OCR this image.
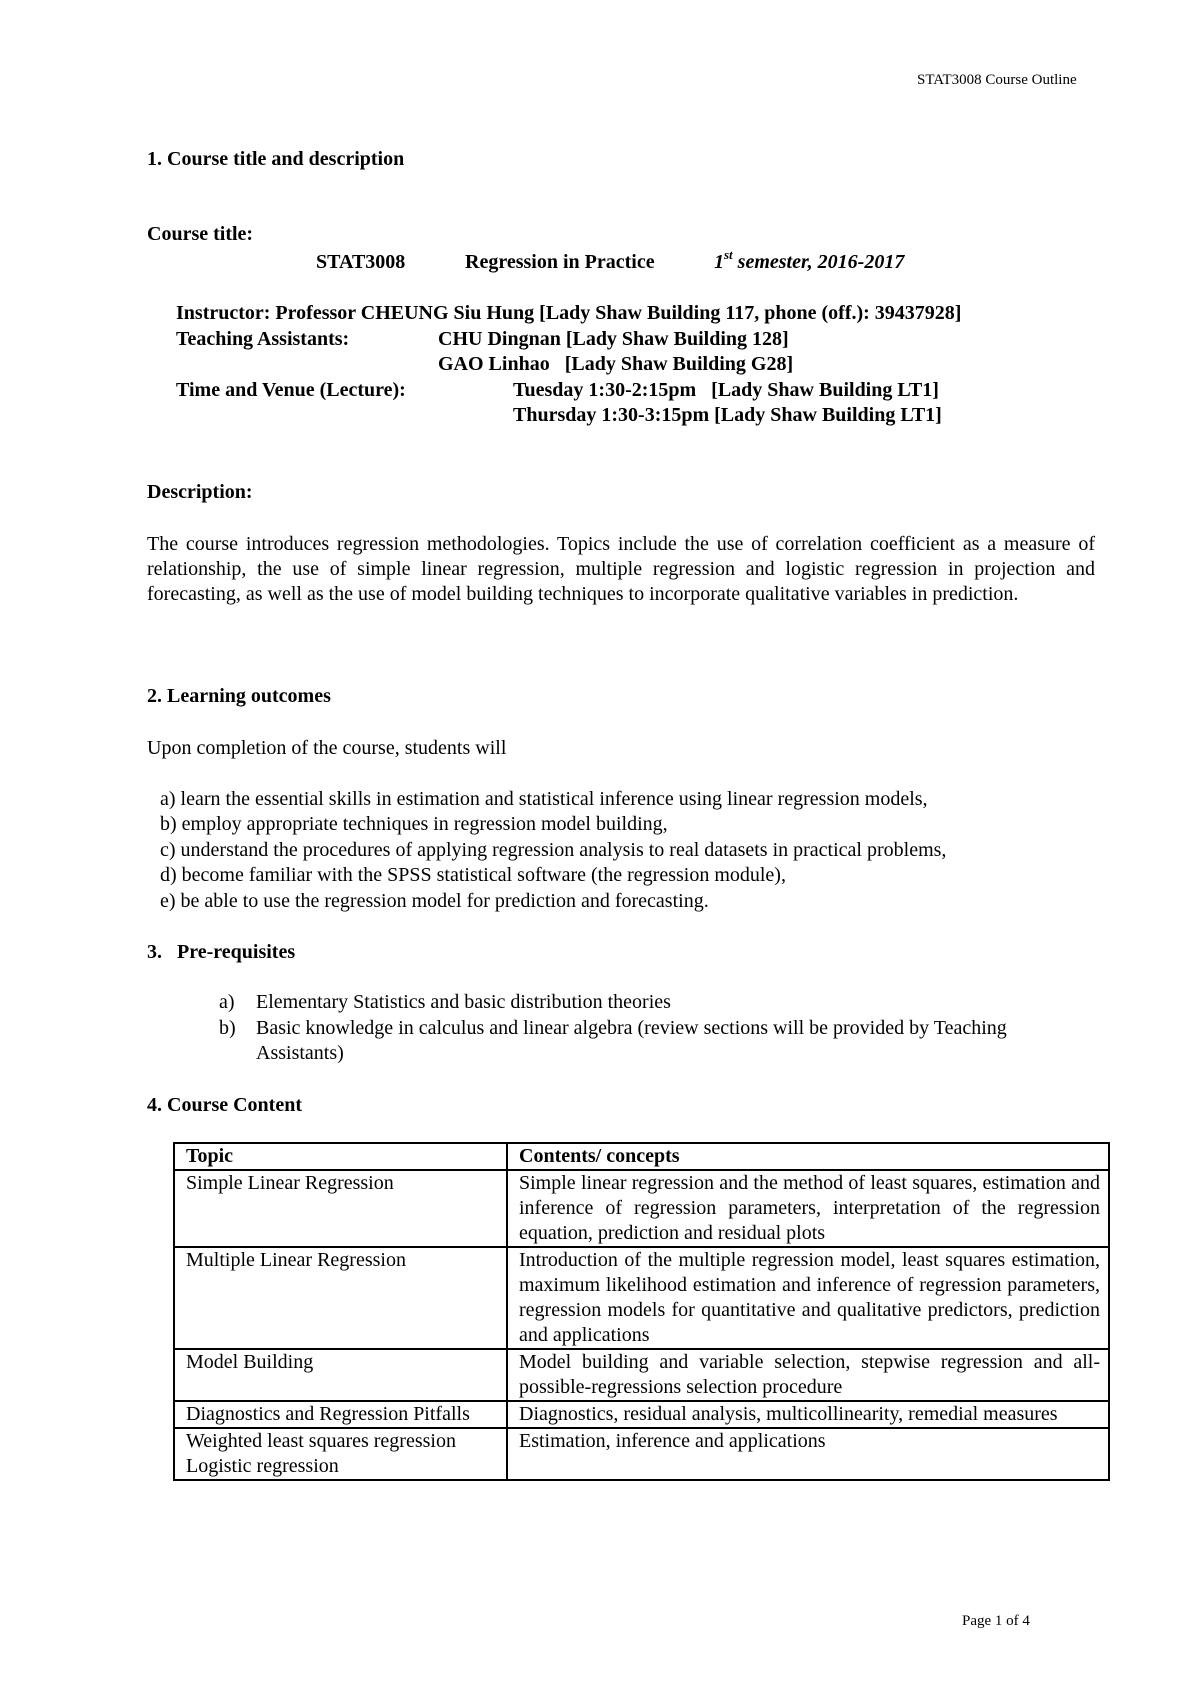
STAT3008 Course Outline
1. Course title and description
Course title:
STAT3008	Regression in Practice	1st semester, 2016-2017
Instructor: Professor CHEUNG Siu Hung [Lady Shaw Building 117, phone (off.): 39437928]
Teaching Assistants:	CHU Dingnan [Lady Shaw Building 128]
GAO Linhao   [Lady Shaw Building G28]
Time and Venue (Lecture):	Tuesday 1:30-2:15pm   [Lady Shaw Building LT1]
Thursday 1:30-3:15pm [Lady Shaw Building LT1]
Description:
The course introduces regression methodologies. Topics include the use of correlation coefficient as a measure of relationship, the use of simple linear regression, multiple regression and logistic regression in projection and forecasting, as well as the use of model building techniques to incorporate qualitative variables in prediction.
2. Learning outcomes
Upon completion of the course, students will
a) learn the essential skills in estimation and statistical inference using linear regression models,
b) employ appropriate techniques in regression model building,
c) understand the procedures of applying regression analysis to real datasets in practical problems,
d) become familiar with the SPSS statistical software (the regression module),
e) be able to use the regression model for prediction and forecasting.
3.   Pre-requisites
a) Elementary Statistics and basic distribution theories
b) Basic knowledge in calculus and linear algebra (review sections will be provided by Teaching
Assistants)
4. Course Content
Topic	Contents/ concepts
Simple Linear Regression	Simple linear regression and the method of least squares, estimation and inference of regression parameters, interpretation of the regression equation, prediction and residual plots
Multiple Linear Regression	Introduction of the multiple regression model, least squares estimation, maximum likelihood estimation and inference of regression parameters, regression models for quantitative and qualitative predictors, prediction and applications
Model Building	Model building and variable selection, stepwise regression and all-possible-regressions selection procedure
Diagnostics and Regression Pitfalls	Diagnostics, residual analysis, multicollinearity, remedial measures

Weighted least squares regression
Logistic regression	Estimation, inference and applications
Page 1 of 4
